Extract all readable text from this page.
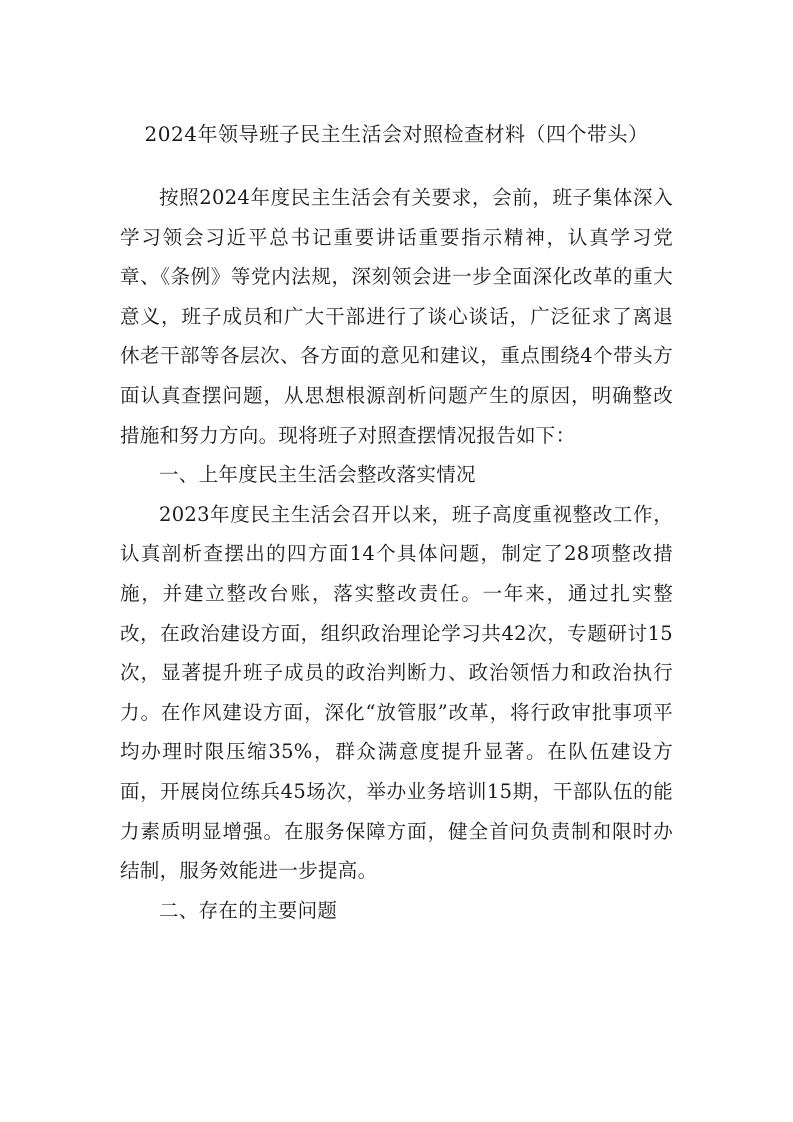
2024年领导班子民主生活会对照检查材料（四个带头）

按照2024年度民主生活会有关要求，会前，班子集体深入学习领会习近平总书记重要讲话重要指示精神，认真学习党章、《条例》等党内法规，深刻领会进一步全面深化改革的重大意义，班子成员和广大干部进行了谈心谈话，广泛征求了离退休老干部等各层次、各方面的意见和建议，重点围绕4个带头方面认真查摆问题，从思想根源剖析问题产生的原因，明确整改措施和努力方向。现将班子对照查摆情况报告如下：

一、上年度民主生活会整改落实情况

2023年度民主生活会召开以来，班子高度重视整改工作，认真剖析查摆出的四方面14个具体问题，制定了28项整改措施，并建立整改台账，落实整改责任。一年来，通过扎实整改，在政治建设方面，组织政治理论学习共42次，专题研讨15次，显著提升班子成员的政治判断力、政治领悟力和政治执行力。在作风建设方面，深化“放管服”改革，将行政审批事项平均办理时限压缩35%，群众满意度提升显著。在队伍建设方面，开展岗位练兵45场次，举办业务培训15期，干部队伍的能力素质明显增强。在服务保障方面，健全首问负责制和限时办结制，服务效能进一步提高。

二、存在的主要问题
